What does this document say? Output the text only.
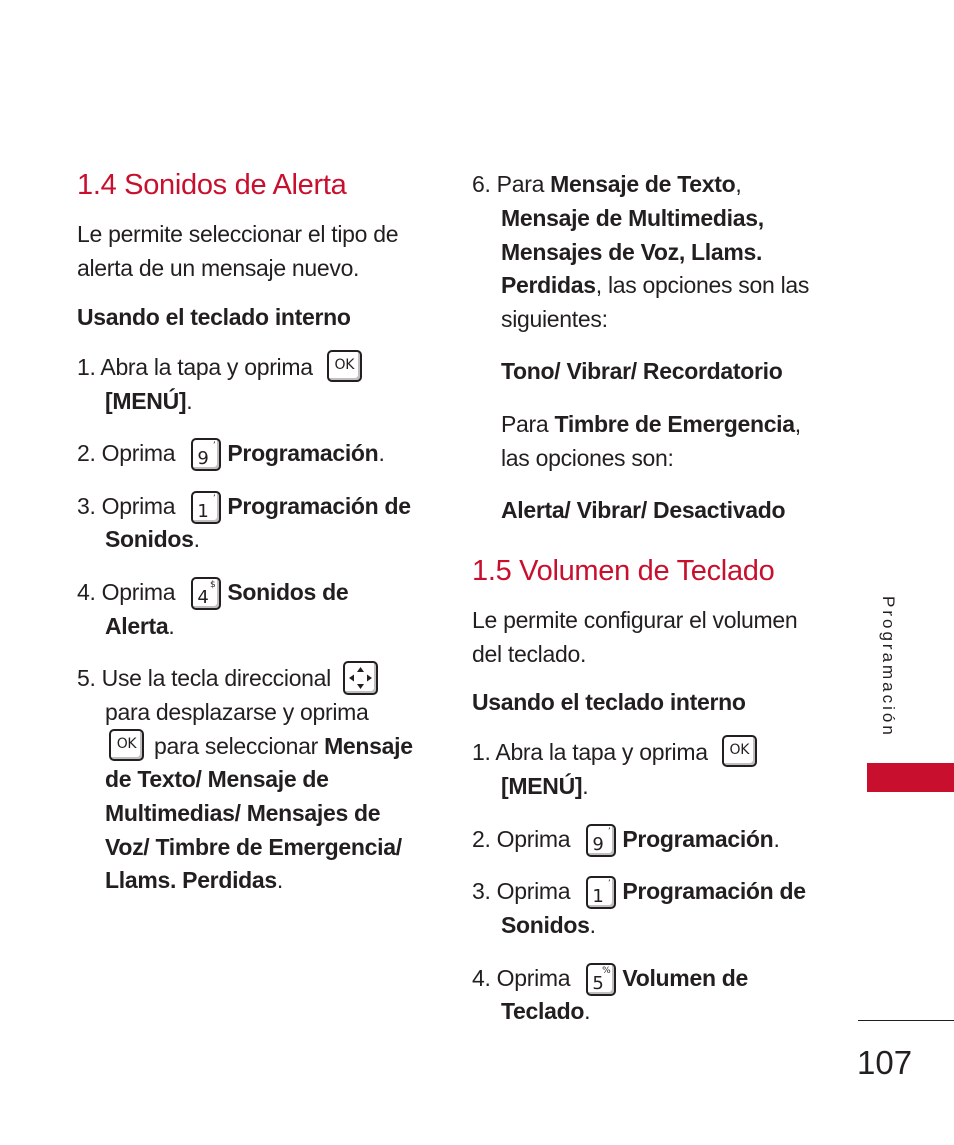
1.4 Sonidos de Alerta
Le permite seleccionar el tipo de
alerta de un mensaje nuevo.
Usando el teclado interno
1. Abra la tapa y oprima OK
[MENÚ].
2. Oprima 9
ʼ Programación.
3. Oprima 1
ʼ Programación de
Sonidos.
4. Oprima 4
$ Sonidos de
Alerta.
5. Use la tecla direccional
para desplazarse y oprima
OK para seleccionar Mensaje
de Texto/ Mensaje de
Multimedias/ Mensajes de
Voz/ Timbre de Emergencia/
Llams. Perdidas.
6. Para Mensaje de Texto,
Mensaje de Multimedias,
Mensajes de Voz, Llams.
Perdidas, las opciones son las
siguientes:
Tono/ Vibrar/ Recordatorio
Para Timbre de Emergencia,
las opciones son:
Alerta/ Vibrar/ Desactivado
1.5 Volumen de Teclado
Le permite configurar el volumen
del teclado.
Usando el teclado interno
1. Abra la tapa y oprima OK
[MENÚ].
2. Oprima 9
ʼ Programación.
3. Oprima 1
ʼ Programación de
Sonidos.
4. Oprima 5
% Volumen de
Teclado.
Programación
107
